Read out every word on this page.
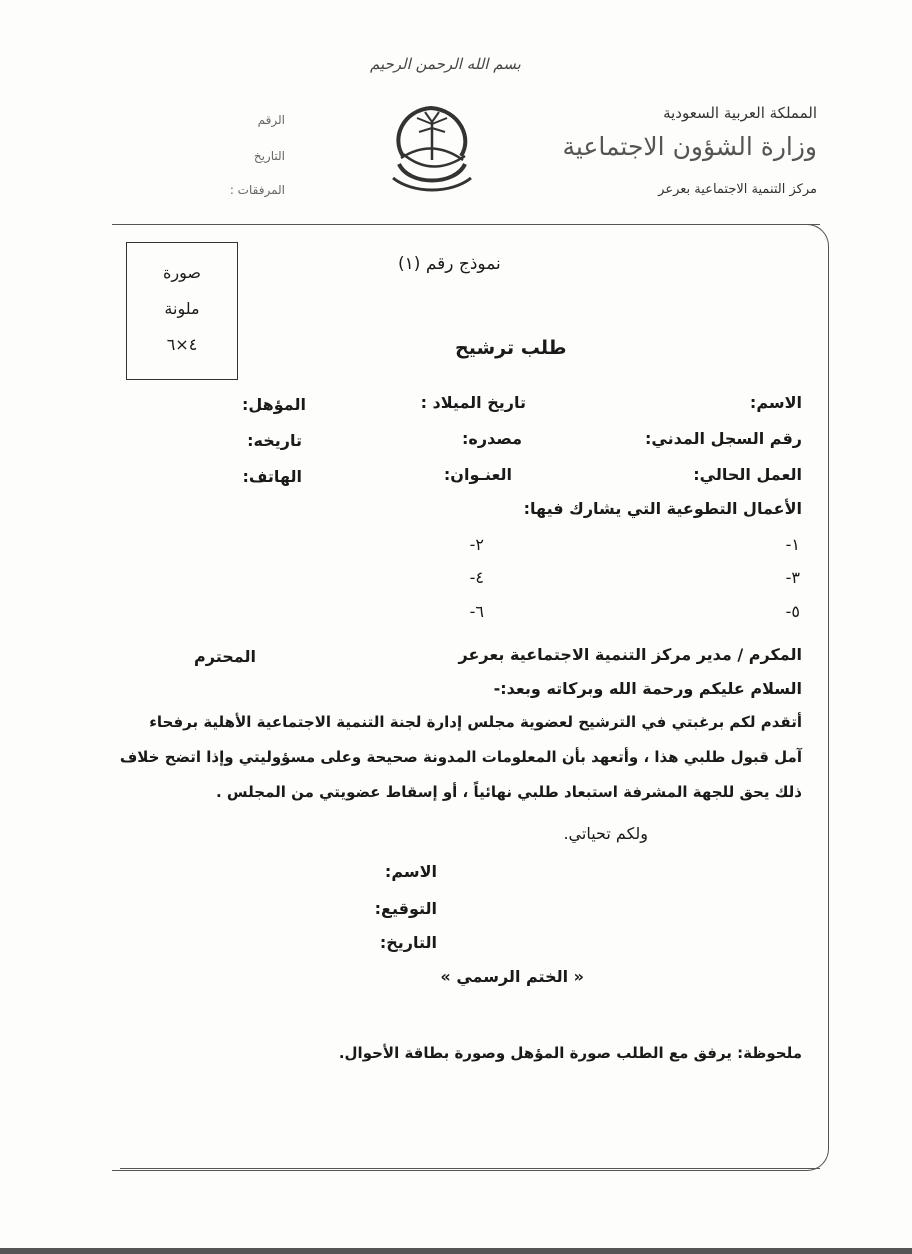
بسم الله الرحمن الرحيم
المملكة العربية السعودية
وزارة الشؤون الاجتماعية
مركز التنمية الاجتماعية بعرعر
الرقم
التاريخ
المرفقات :
نموذج رقم (١)
صورة
ملونة
٤×٦	طلب ترشيح
الاسم:
تاريخ الميلاد :
المؤهل:
رقم السجل المدني:
مصدره:
تاريخه:
العمل الحالي:
العنـوان:
الهاتف:
الأعمال التطوعية التي يشارك فيها:
١-
٢-
٣-
٤-
٥-
٦-
المكرم / مدير مركز التنمية الاجتماعية بعرعر
المحترم
السلام عليكم ورحمة الله وبركاته وبعد:-
أتقدم لكم برغبتي في الترشيح لعضوية مجلس إدارة لجنة التنمية الاجتماعية الأهلية برفحاء
آمل قبول طلبي هذا ، وأتعهد بأن المعلومات المدونة صحيحة وعلى مسؤوليتي وإذا اتضح خلاف
ذلك يحق للجهة المشرفة استبعاد طلبي نهائياً ، أو إسقاط عضويتي من المجلس .
ولكم تحياتي.
الاسم:
التوقيع:
التاريخ:
« الختم الرسمي »
ملحوظة: يرفق مع الطلب صورة المؤهل وصورة بطاقة الأحوال.
